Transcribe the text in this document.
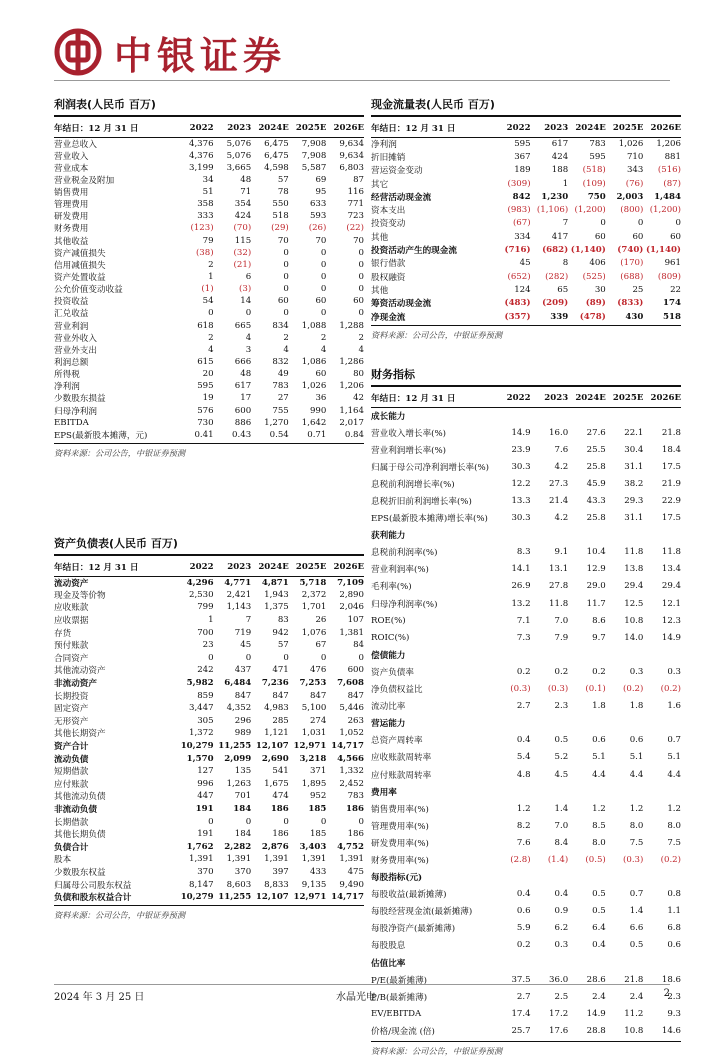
中银证券
利润表(人民币 百万)
年结日：12 月 31 日	2022	2023	2024E	2025E	2026E
营业总收入	4,376	5,076	6,475	7,908	9,634
营业收入	4,376	5,076	6,475	7,908	9,634
营业成本	3,199	3,665	4,598	5,587	6,803
营业税金及附加	34	48	57	69	87
销售费用	51	71	78	95	116
管理费用	358	354	550	633	771
研发费用	333	424	518	593	723
财务费用	(123)	(70)	(29)	(26)	(22)
其他收益	79	115	70	70	70
资产减值损失	(38)	(32)	0	0	0
信用减值损失	2	(21)	0	0	0
资产处置收益	1	6	0	0	0
公允价值变动收益	(1)	(3)	0	0	0
投资收益	54	14	60	60	60
汇兑收益	0	0	0	0	0
营业利润	618	665	834	1,088	1,288
营业外收入	2	4	2	2	2
营业外支出	4	3	4	4	4
利润总额	615	666	832	1,086	1,286
所得税	20	48	49	60	80
净利润	595	617	783	1,026	1,206
少数股东损益	19	17	27	36	42
归母净利润	576	600	755	990	1,164
EBITDA	730	886	1,270	1,642	2,017
EPS(最新股本摊薄，元)	0.41	0.43	0.54	0.71	0.84
资料来源：公司公告，中银证券预测
资产负债表(人民币 百万)
年结日：12 月 31 日	2022	2023	2024E	2025E	2026E
流动资产	4,296	4,771	4,871	5,718	7,109
现金及等价物	2,530	2,421	1,943	2,372	2,890
应收账款	799	1,143	1,375	1,701	2,046
应收票据	1	7	83	26	107
存货	700	719	942	1,076	1,381
预付账款	23	45	57	67	84
合同资产	0	0	0	0	0
其他流动资产	242	437	471	476	600
非流动资产	5,982	6,484	7,236	7,253	7,608
长期投资	859	847	847	847	847
固定资产	3,447	4,352	4,983	5,100	5,446
无形资产	305	296	285	274	263
其他长期资产	1,372	989	1,121	1,031	1,052
资产合计	10,279	11,255	12,107	12,971	14,717
流动负债	1,570	2,099	2,690	3,218	4,566
短期借款	127	135	541	371	1,332
应付账款	996	1,263	1,675	1,895	2,452
其他流动负债	447	701	474	952	783
非流动负债	191	184	186	185	186
长期借款	0	0	0	0	0
其他长期负债	191	184	186	185	186
负债合计	1,762	2,282	2,876	3,403	4,752
股本	1,391	1,391	1,391	1,391	1,391
少数股东权益	370	370	397	433	475
归属母公司股东权益	8,147	8,603	8,833	9,135	9,490
负债和股东权益合计	10,279	11,255	12,107	12,971	14,717
资料来源：公司公告，中银证券预测
现金流量表(人民币 百万)
年结日：12 月 31 日	2022	2023	2024E	2025E	2026E
净利润	595	617	783	1,026	1,206
折旧摊销	367	424	595	710	881
营运资金变动	189	188	(518)	343	(516)
其它	(309)	1	(109)	(76)	(87)
经营活动现金流	842	1,230	750	2,003	1,484
资本支出	(983)	(1,106)	(1,200)	(800)	(1,200)
投资变动	(67)	7	0	0	0
其他	334	417	60	60	60
投资活动产生的现金流	(716)	(682)	(1,140)	(740)	(1,140)
银行借款	45	8	406	(170)	961
股权融资	(652)	(282)	(525)	(688)	(809)
其他	124	65	30	25	22
筹资活动现金流	(483)	(209)	(89)	(833)	174
净现金流	(357)	339	(478)	430	518
资料来源：公司公告，中银证券预测
财务指标
年结日：12 月 31 日	2022	2023	2024E	2025E	2026E
成长能力					
营业收入增长率(%)	14.9	16.0	27.6	22.1	21.8
营业利润增长率(%)	23.9	7.6	25.5	30.4	18.4
归属于母公司净利润增长率(%)	30.3	4.2	25.8	31.1	17.5
息税前利润增长率(%)	12.2	27.3	45.9	38.2	21.9
息税折旧前利润增长率(%)	13.3	21.4	43.3	29.3	22.9
EPS(最新股本摊薄)增长率(%)	30.3	4.2	25.8	31.1	17.5
获利能力					
息税前利润率(%)	8.3	9.1	10.4	11.8	11.8
营业利润率(%)	14.1	13.1	12.9	13.8	13.4
毛利率(%)	26.9	27.8	29.0	29.4	29.4
归母净利润率(%)	13.2	11.8	11.7	12.5	12.1
ROE(%)	7.1	7.0	8.6	10.8	12.3
ROIC(%)	7.3	7.9	9.7	14.0	14.9
偿债能力					
资产负债率	0.2	0.2	0.2	0.3	0.3
净负债权益比	(0.3)	(0.3)	(0.1)	(0.2)	(0.2)
流动比率	2.7	2.3	1.8	1.8	1.6
营运能力					
总资产周转率	0.4	0.5	0.6	0.6	0.7
应收账款周转率	5.4	5.2	5.1	5.1	5.1
应付账款周转率	4.8	4.5	4.4	4.4	4.4
费用率					
销售费用率(%)	1.2	1.4	1.2	1.2	1.2
管理费用率(%)	8.2	7.0	8.5	8.0	8.0
研发费用率(%)	7.6	8.4	8.0	7.5	7.5
财务费用率(%)	(2.8)	(1.4)	(0.5)	(0.3)	(0.2)
每股指标(元)					
每股收益(最新摊薄)	0.4	0.4	0.5	0.7	0.8
每股经营现金流(最新摊薄)	0.6	0.9	0.5	1.4	1.1
每股净资产(最新摊薄)	5.9	6.2	6.4	6.6	6.8
每股股息	0.2	0.3	0.4	0.5	0.6
估值比率					
P/E(最新摊薄)	37.5	36.0	28.6	21.8	18.6
P/B(最新摊薄)	2.7	2.5	2.4	2.4	2.3
EV/EBITDA	17.4	17.2	14.9	11.2	9.3
价格/现金流 (倍)	25.7	17.6	28.8	10.8	14.6
资料来源：公司公告，中银证券预测
2024 年 3 月 25 日	水晶光电	2
